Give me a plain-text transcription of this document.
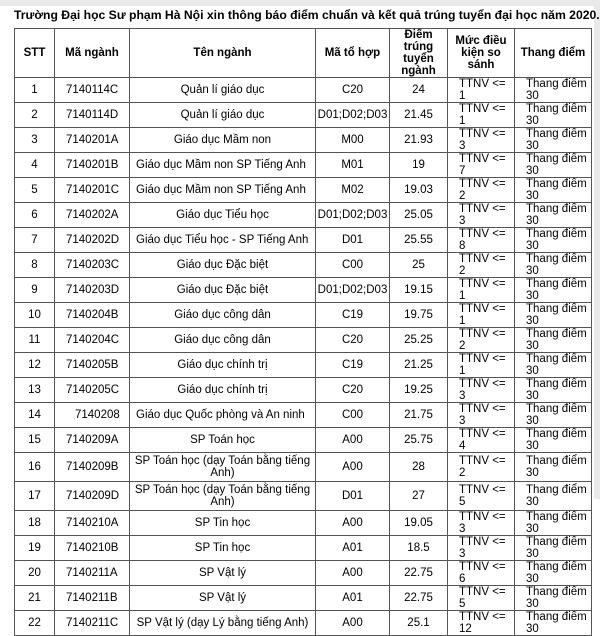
Trường Đại học Sư phạm Hà Nội xin thông báo điểm chuẩn và kết quả trúng tuyển đại học năm 2020.
STT	Mã ngành	Tên ngành	Mã tổ hợp	Điểm trúng tuyển ngành	Mức điều kiện so sánh	Thang điểm
1	7140114C	Quản lí giáo dục	C20	24	TTNV <= 1	Thang điểm 30
2	7140114D	Quản lí giáo dục	D01;D02;D03	21.45	TTNV <= 1	Thang điểm 30
3	7140201A	Giáo dục Mầm non	M00	21.93	TTNV <= 3	Thang điểm 30
4	7140201B	Giáo dục Mầm non SP Tiếng Anh	M01	19	TTNV <= 7	Thang điểm 30
5	7140201C	Giáo dục Mầm non SP Tiếng Anh	M02	19.03	TTNV <= 2	Thang điểm 30
6	7140202A	Giáo dục Tiểu học	D01;D02;D03	25.05	TTNV <= 3	Thang điểm 30
7	7140202D	Giáo dục Tiểu học - SP Tiếng Anh	D01	25.55	TTNV <= 8	Thang điểm 30
8	7140203C	Giáo dục Đặc biệt	C00	25	TTNV <= 2	Thang điểm 30
9	7140203D	Giáo dục Đặc biệt	D01;D02;D03	19.15	TTNV <= 1	Thang điểm 30
10	7140204B	Giáo dục công dân	C19	19.75	TTNV <= 1	Thang điểm 30
11	7140204C	Giáo dục công dân	C20	25.25	TTNV <= 2	Thang điểm 30
12	7140205B	Giáo dục chính trị	C19	21.25	TTNV <= 1	Thang điểm 30
13	7140205C	Giáo dục chính trị	C20	19.25	TTNV <= 3	Thang điểm 30
14	7140208	Giáo dục Quốc phòng và An ninh	C00	21.75	TTNV <= 3	Thang điểm 30
15	7140209A	SP Toán học	A00	25.75	TTNV <= 4	Thang điểm 30
16	7140209B	SP Toán học (dạy Toán bằng tiếng Anh)	A00	28	TTNV <= 2	Thang điểm 30
17	7140209D	SP Toán học (dạy Toán bằng tiếng Anh)	D01	27	TTNV <= 5	Thang điểm 30
18	7140210A	SP Tin học	A00	19.05	TTNV <= 3	Thang điểm 30
19	7140210B	SP Tin học	A01	18.5	TTNV <= 3	Thang điểm 30
20	7140211A	SP Vật lý	A00	22.75	TTNV <= 6	Thang điểm 30
21	7140211B	SP Vật lý	A01	22.75	TTNV <= 5	Thang điểm 30
22	7140211C	SP Vật lý (dạy Lý bằng tiếng Anh)	A00	25.1	TTNV <= 12	Thang điểm 30
